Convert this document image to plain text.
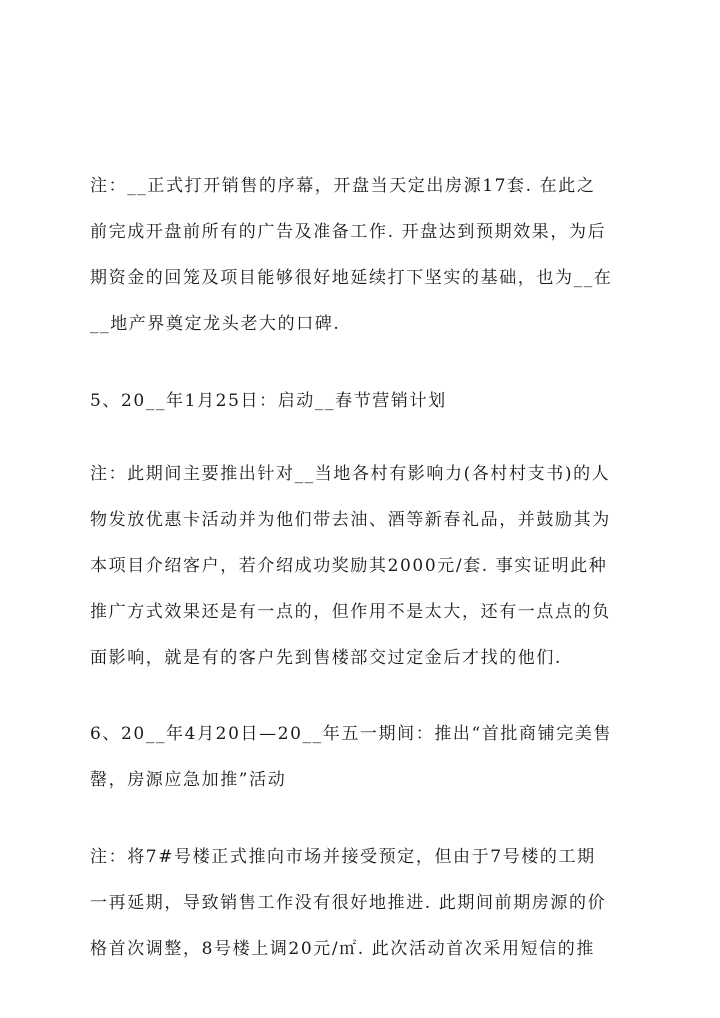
注：__正式打开销售的序幕，开盘当天定出房源17套. 在此之
前完成开盘前所有的广告及准备工作. 开盘达到预期效果，为后
期资金的回笼及项目能够很好地延续打下坚实的基础，也为__在
__地产界奠定龙头老大的口碑.
5、20__年1月25日：启动__春节营销计划
注：此期间主要推出针对__当地各村有影响力(各村村支书)的人
物发放优惠卡活动并为他们带去油、酒等新春礼品，并鼓励其为
本项目介绍客户，若介绍成功奖励其2000元/套. 事实证明此种
推广方式效果还是有一点的，但作用不是太大，还有一点点的负
面影响，就是有的客户先到售楼部交过定金后才找的他们.
6、20__年4月20日—20__年五一期间：推出“首批商铺完美售
罄，房源应急加推”活动
注：将7#号楼正式推向市场并接受预定，但由于7号楼的工期
一再延期，导致销售工作没有很好地推进. 此期间前期房源的价
格首次调整，8号楼上调20元/㎡. 此次活动首次采用短信的推
